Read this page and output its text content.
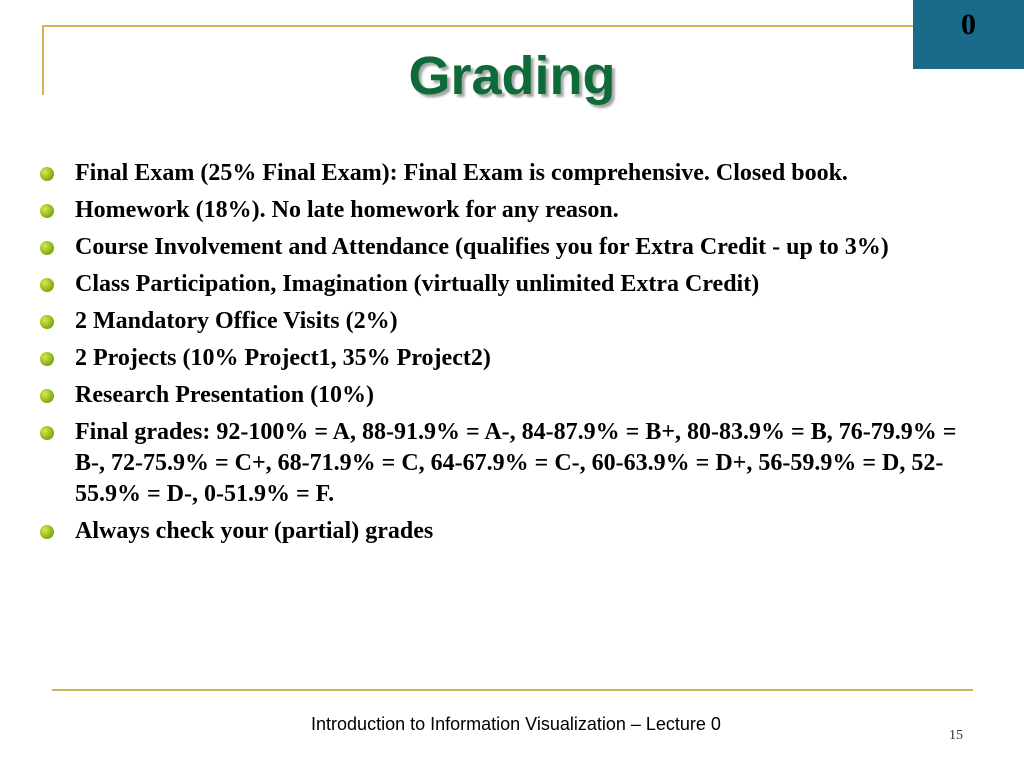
0
Grading
Final Exam (25% Final Exam): Final Exam is comprehensive. Closed book.
Homework (18%). No late homework for any reason.
Course Involvement and Attendance (qualifies you for Extra Credit - up to 3%)
Class Participation, Imagination (virtually unlimited Extra Credit)
2 Mandatory Office Visits (2%)
2 Projects (10% Project1, 35% Project2)
Research Presentation (10%)
Final grades: 92-100% = A, 88-91.9% = A-, 84-87.9% = B+, 80-83.9% = B, 76-79.9% = B-, 72-75.9% = C+, 68-71.9% = C, 64-67.9% = C-, 60-63.9% = D+, 56-59.9% = D, 52-55.9% = D-, 0-51.9% = F.
Always check your (partial) grades
Introduction to Information Visualization – Lecture 0
15
